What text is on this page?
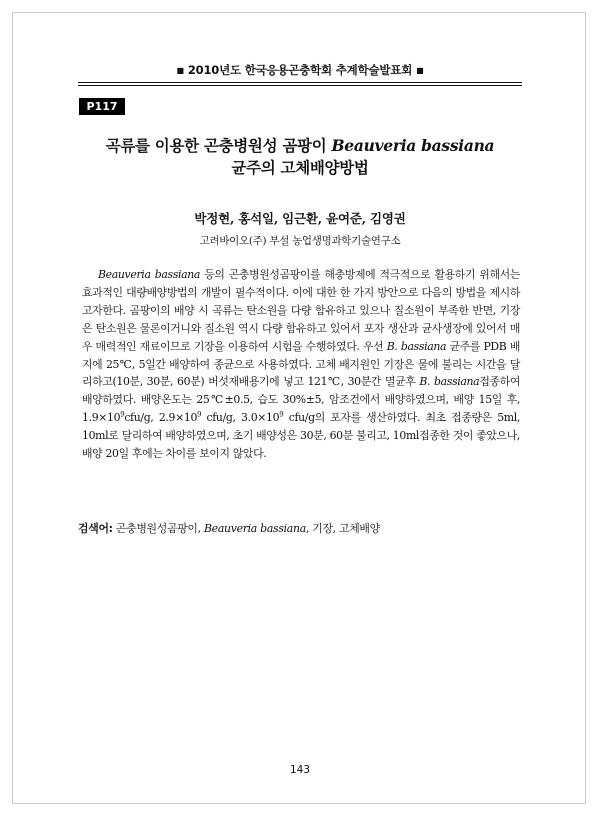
■ 2010년도 한국응용곤충학회 추계학술발표회 ■
P117
곡류를 이용한 곤충병원성 곰팡이 Beauveria bassiana
균주의 고체배양방법
박정현, 홍석일, 임근환, 윤여준, 김영권
고려바이오(주) 부설 농업생명과학기술연구소

Beauveria bassiana 등의 곤충병원성곰팡이를 해충방제에 적극적으로 활용하기 위해서는 효과적인 대량배양방법의 개발이 필수적이다. 이에 대한 한 가지 방안으로 다음의 방법을 제시하고자한다. 곰팡이의 배양 시 곡류는 탄소원을 다량 함유하고 있으나 질소원이 부족한 반면, 기장은 탄소원은 물론이거니와 질소원 역시 다량 함유하고 있어서 포자 생산과 균사생장에 있어서 매우 매력적인 재료이므로 기장을 이용하여 시험을 수행하였다. 우선 B. bassiana 균주를 PDB 배지에 25℃, 5일간 배양하여 종균으로 사용하였다. 고체 배지원인 기장은 물에 불리는 시간을 달리하고(10분, 30분, 60분) 버섯재배용기에 넣고 121℃, 30분간 멸균후 B. bassiana접종하여 배양하였다. 배양온도는 25℃±0.5, 습도 30%±5, 암조건에서 배양하였으며, 배양 15일 후, $1.9\times 10^9cfu/g$, $2.9\times 10^9$ cfu/g, $3.0\times 10^9$ cfu/g의 포자를 생산하였다. 최초 접종량은 5ml, 10ml로 달리하여 배양하였으며, 초기 배양성은 30분, 60분 불리고, 10ml접종한 것이 좋았으나, 배양 20일 후에는 차이를 보이지 않았다.

검색어: 곤충병원성곰팡이, Beauveria bassiana, 기장, 고체배양
143
